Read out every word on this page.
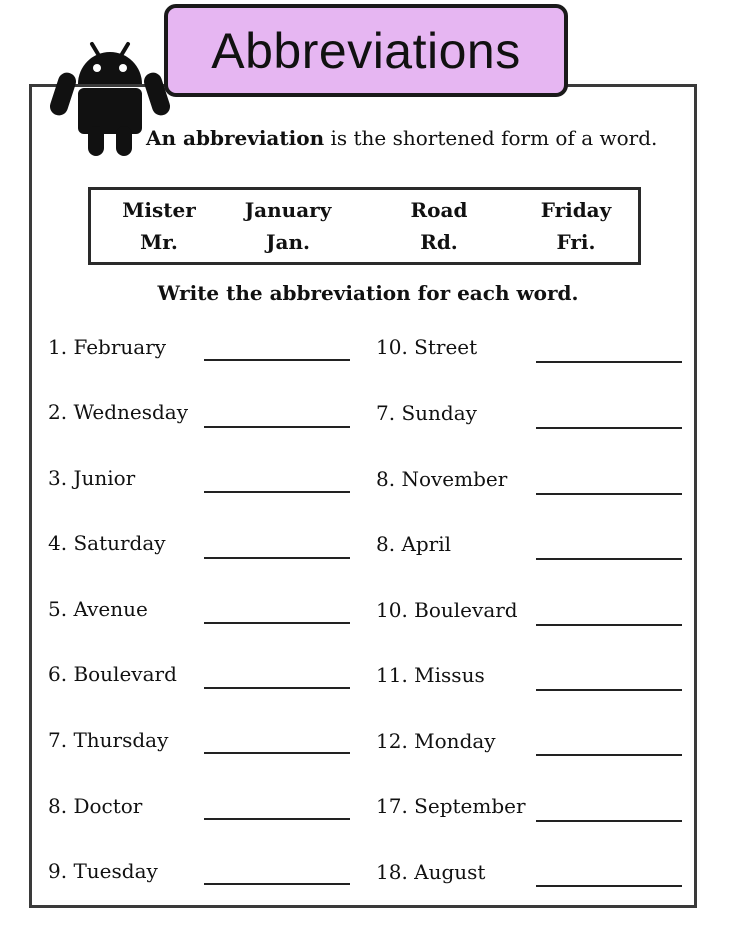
Abbreviations
An abbreviation is the shortened form of a word.
Mister
Mr.
January
Jan.
Road
Rd.
Friday
Fri.
Write the abbreviation for each word.
1. February
2. Wednesday
3. Junior
4. Saturday
5. Avenue
6. Boulevard
7. Thursday
8. Doctor
9. Tuesday
10. Street
7. Sunday
8. November
8. April
10. Boulevard
11. Missus
12. Monday
17. September
18. August
